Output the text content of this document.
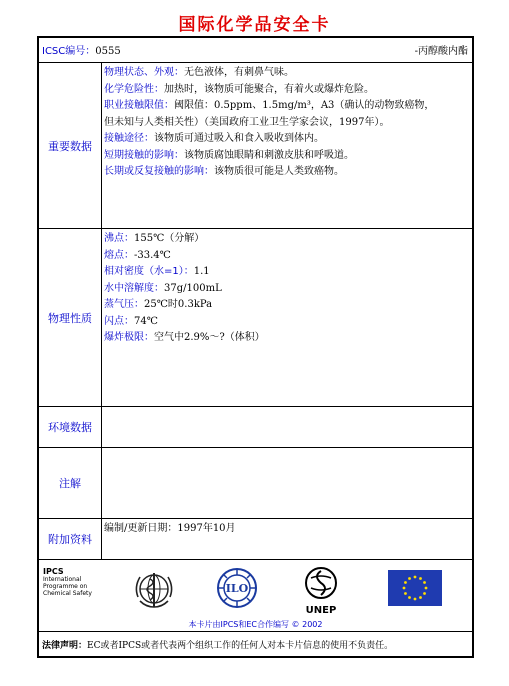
国际化学品安全卡
ICSC编号：0555	-丙醇酸内酯
重要数据
物理状态、外观：无色液体，有刺鼻气味。
化学危险性：加热时，该物质可能聚合，有着火或爆炸危险。
职业接触限值：阈限值：0.5ppm、1.5mg/m³，A3（确认的动物致癌物，
但未知与人类相关性）（美国政府工业卫生学家会议，1997年）。
接触途径：该物质可通过吸入和食入吸收到体内。
短期接触的影响：该物质腐蚀眼睛和刺激皮肤和呼吸道。
长期或反复接触的影响：该物质很可能是人类致癌物。
物理性质
沸点：155℃（分解）
熔点：-33.4℃
相对密度（水=1）：1.1
水中溶解度：37g/100mL
蒸气压：25℃时0.3kPa
闪点：74℃
爆炸极限：空气中2.9%～?（体积）
环境数据
注解
附加资料
编制/更新日期：1997年10月
IPCS
International
Programme on
Chemical Safety	ILO
UNEP
本卡片由IPCS和EC合作编写 © 2002
法律声明：EC或者IPCS或者代表两个组织工作的任何人对本卡片信息的使用不负责任。
